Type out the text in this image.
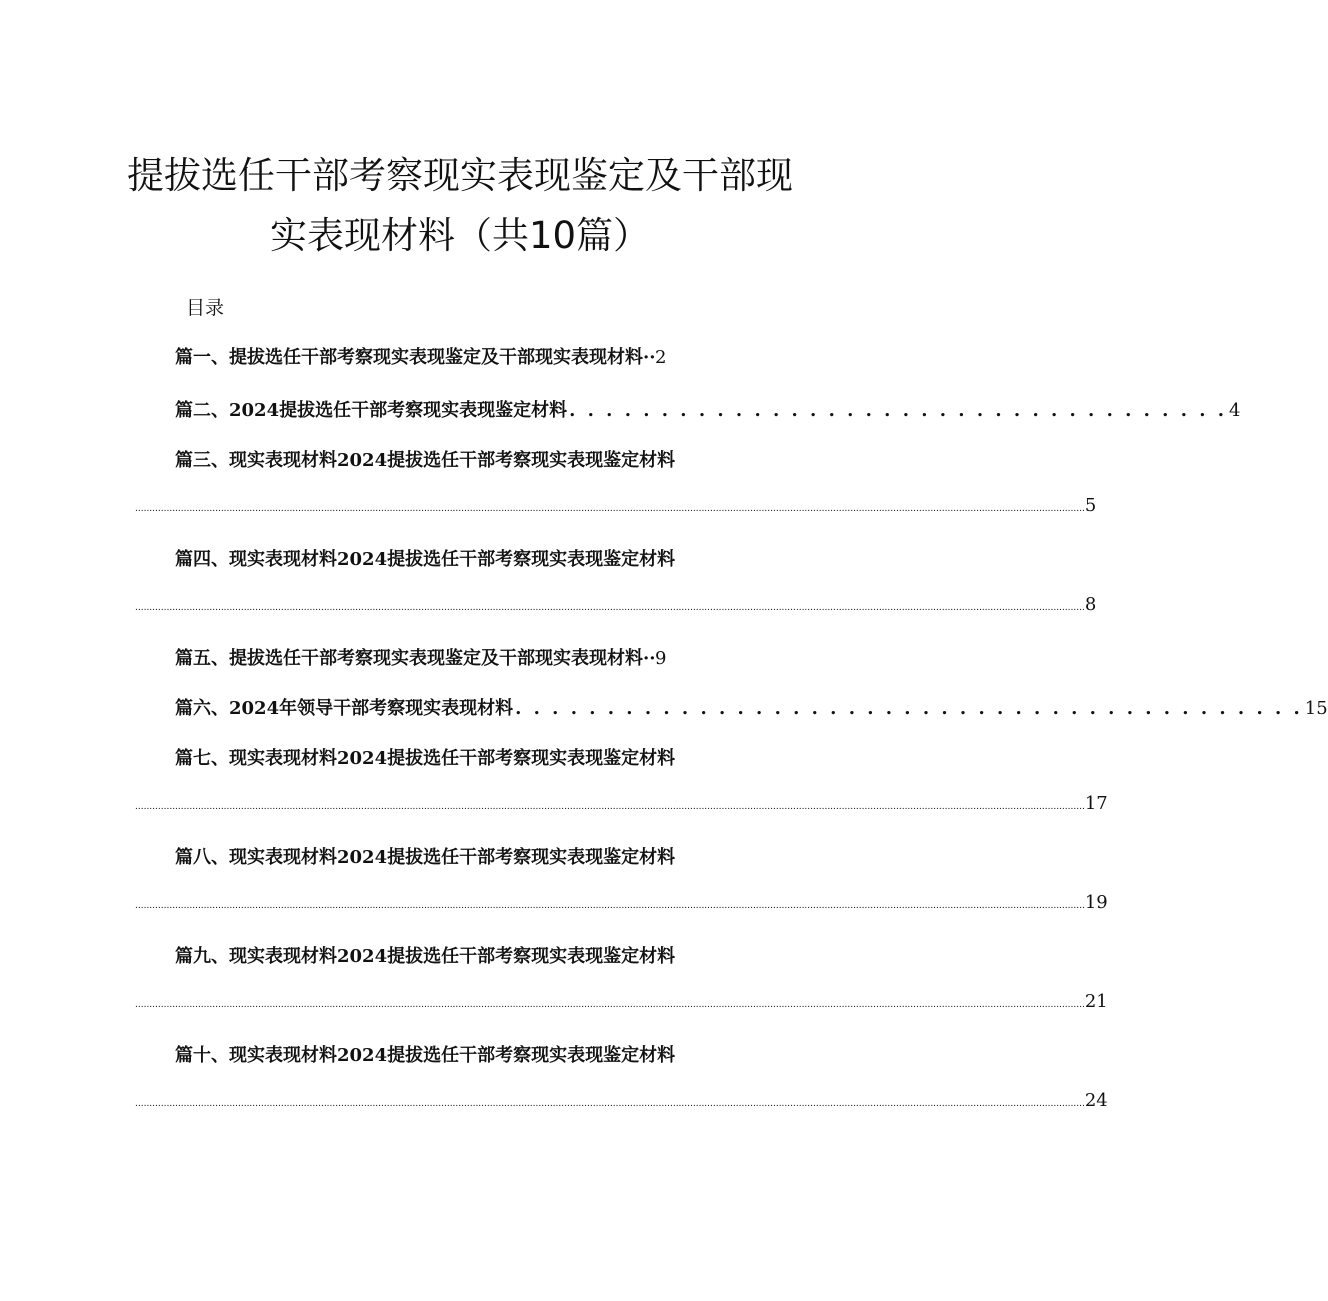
提拔选任干部考察现实表现鉴定及干部现
实表现材料（共10篇）
目录
篇一、提拔选任干部考察现实表现鉴定及干部现实表现材料 ·· 2
篇二、2024提拔选任干部考察现实表现鉴定材料 . . . . . . . . . . . . . . . . . . . . . . . . . . . . . . . . . . . . 4
篇三、现实表现材料2024提拔选任干部考察现实表现鉴定材料
............................................................................................................................................................................................................................................................................................................................................ 5
篇四、现实表现材料2024提拔选任干部考察现实表现鉴定材料
............................................................................................................................................................................................................................................................................................................................................ 8
篇五、提拔选任干部考察现实表现鉴定及干部现实表现材料 ·· 9
篇六、2024年领导干部考察现实表现材料 . . . . . . . . . . . . . . . . . . . . . . . . . . . . . . . . . . . . . . . . . . . 15
篇七、现实表现材料2024提拔选任干部考察现实表现鉴定材料
............................................................................................................................................................................................................................................................................................................................................ 17
篇八、现实表现材料2024提拔选任干部考察现实表现鉴定材料
............................................................................................................................................................................................................................................................................................................................................ 19
篇九、现实表现材料2024提拔选任干部考察现实表现鉴定材料
............................................................................................................................................................................................................................................................................................................................................ 21
篇十、现实表现材料2024提拔选任干部考察现实表现鉴定材料
............................................................................................................................................................................................................................................................................................................................................ 24
